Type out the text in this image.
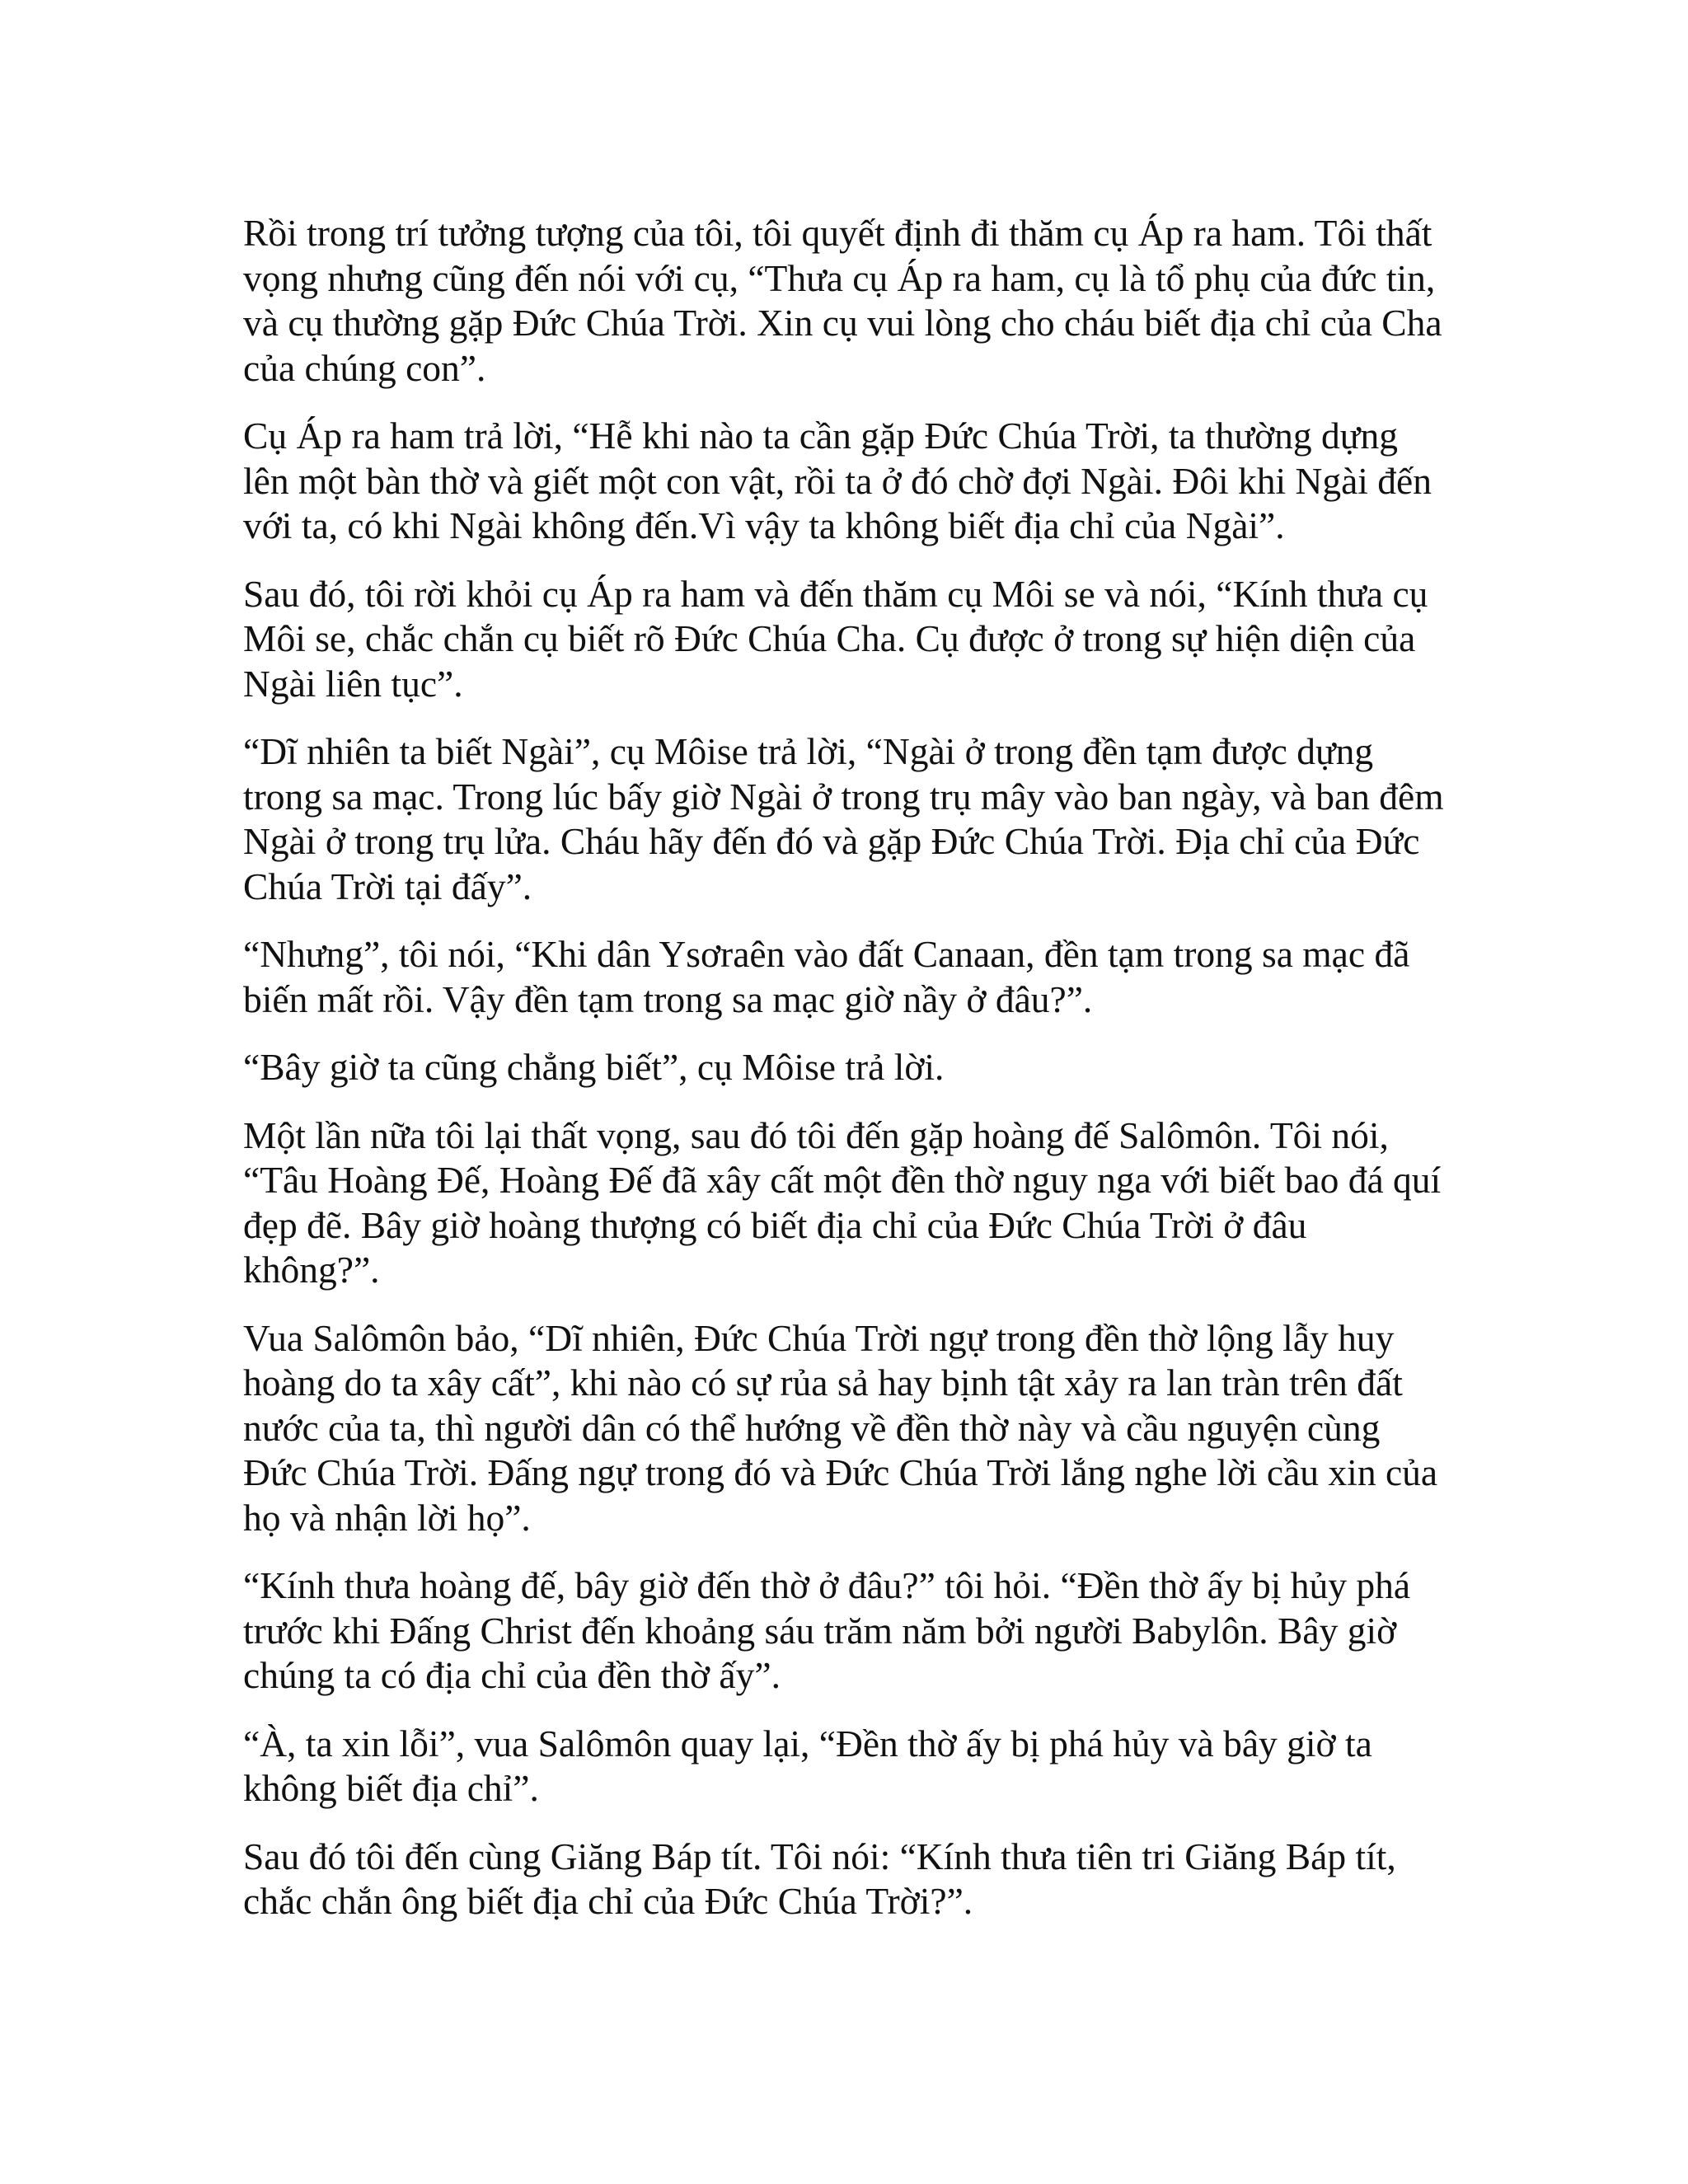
Rồi trong trí tưởng tượng của tôi, tôi quyết định đi thăm cụ Áp ra ham. Tôi thất vọng nhưng cũng đến nói với cụ, “Thưa cụ Áp ra ham, cụ là tổ phụ của đức tin, và cụ thường gặp Đức Chúa Trời. Xin cụ vui lòng cho cháu biết địa chỉ của Cha của chúng con”.

Cụ Áp ra ham trả lời, “Hễ khi nào ta cần gặp Đức Chúa Trời, ta thường dựng lên một bàn thờ và giết một con vật, rồi ta ở đó chờ đợi Ngài. Đôi khi Ngài đến với ta, có khi Ngài không đến.Vì vậy ta không biết địa chỉ của Ngài”.

Sau đó, tôi rời khỏi cụ Áp ra ham và đến thăm cụ Môi se và nói, “Kính thưa cụ Môi se, chắc chắn cụ biết rõ Đức Chúa Cha. Cụ được ở trong sự hiện diện của Ngài liên tục”.

“Dĩ nhiên ta biết Ngài”, cụ Môise trả lời, “Ngài ở trong đền tạm được dựng trong sa mạc. Trong lúc bấy giờ Ngài ở trong trụ mây vào ban ngày, và ban đêm Ngài ở trong trụ lửa. Cháu hãy đến đó và gặp Đức Chúa Trời. Địa chỉ của Đức Chúa Trời tại đấy”.

“Nhưng”, tôi nói, “Khi dân Ysơraên vào đất Canaan, đền tạm trong sa mạc đã biến mất rồi. Vậy đền tạm trong sa mạc giờ nầy ở đâu?”.

“Bây giờ ta cũng chẳng biết”, cụ Môise trả lời.

Một lần nữa tôi lại thất vọng, sau đó tôi đến gặp hoàng đế Salômôn. Tôi nói, “Tâu Hoàng Đế, Hoàng Đế đã xây cất một đền thờ nguy nga với biết bao đá quí đẹp đẽ. Bây giờ hoàng thượng có biết địa chỉ của Đức Chúa Trời ở đâu không?”.

Vua Salômôn bảo, “Dĩ nhiên, Đức Chúa Trời ngự trong đền thờ lộng lẫy huy hoàng do ta xây cất”, khi nào có sự rủa sả hay bịnh tật xảy ra lan tràn trên đất nước của ta, thì người dân có thể hướng về đền thờ này và cầu nguyện cùng Đức Chúa Trời. Đấng ngự trong đó và Đức Chúa Trời lắng nghe lời cầu xin của họ và nhận lời họ”.

“Kính thưa hoàng đế, bây giờ đến thờ ở đâu?” tôi hỏi. “Đền thờ ấy bị hủy phá trước khi Đấng Christ đến khoảng sáu trăm năm bởi người Babylôn. Bây giờ chúng ta có địa chỉ của đền thờ ấy”.

“À, ta xin lỗi”, vua Salômôn quay lại, “Đền thờ ấy bị phá hủy và bây giờ ta không biết địa chỉ”.

Sau đó tôi đến cùng Giăng Báp tít. Tôi nói: “Kính thưa tiên tri Giăng Báp tít, chắc chắn ông biết địa chỉ của Đức Chúa Trời?”.
